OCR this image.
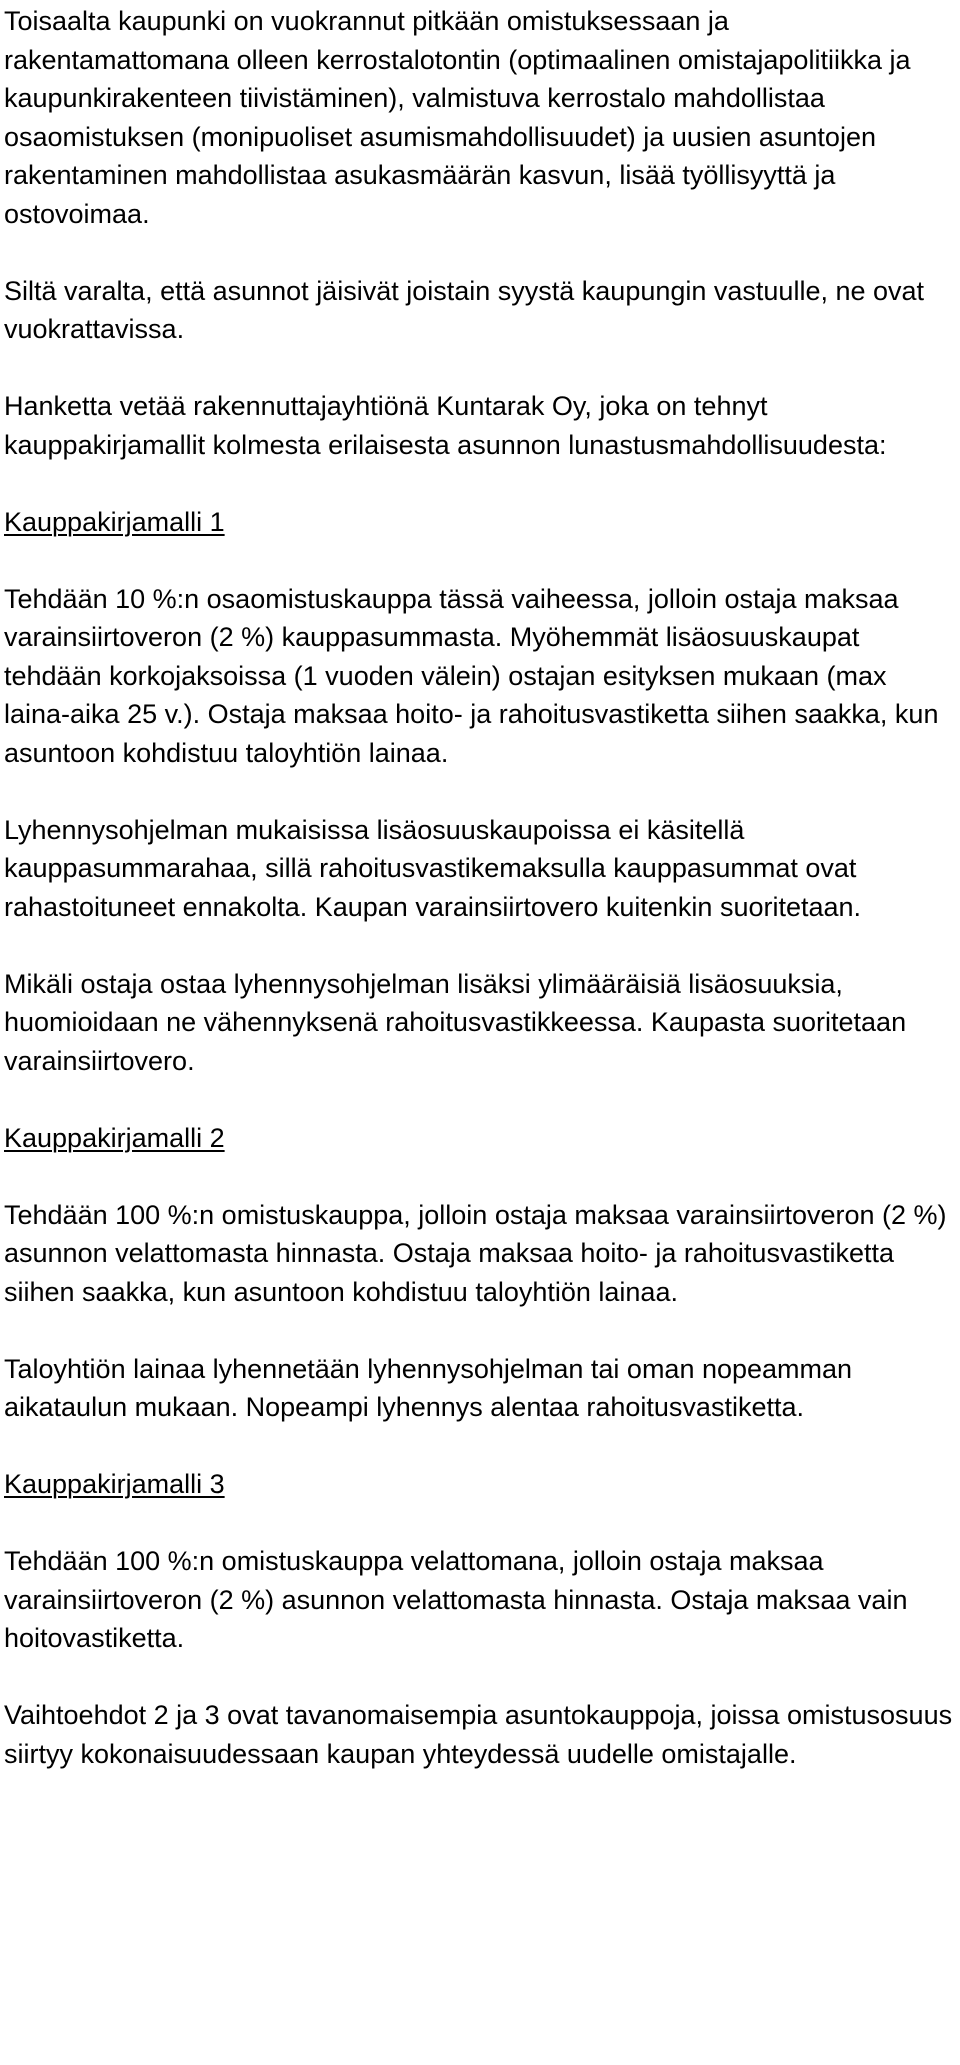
Toisaalta kaupunki on vuokrannut pitkään omistuksessaan ja rakentamattomana olleen kerrostalotontin (optimaalinen omistajapolitiikka ja kaupunkirakenteen tiivistäminen), valmistuva kerrostalo mahdollistaa osaomistuksen (monipuoliset asumismahdollisuudet) ja uusien asuntojen rakentaminen mahdollistaa asukasmäärän kasvun, lisää työllisyyttä ja ostovoimaa.

Siltä varalta, että asunnot jäisivät joistain syystä kaupungin vastuulle, ne ovat vuokrattavissa.

Hanketta vetää rakennuttajayhtiönä Kuntarak Oy, joka on tehnyt kauppakirjamallit kolmesta erilaisesta asunnon lunastusmahdollisuudesta:

Kauppakirjamalli 1

Tehdään 10 %:n osaomistuskauppa tässä vaiheessa, jolloin ostaja maksaa varainsiirtoveron (2 %) kauppasummasta. Myöhemmät lisäosuuskaupat tehdään korkojaksoissa (1 vuoden välein) ostajan esityksen mukaan (max laina-aika 25 v.). Ostaja maksaa hoito- ja rahoitusvastiketta siihen saakka, kun asuntoon kohdistuu taloyhtiön lainaa.

Lyhennysohjelman mukaisissa lisäosuuskaupoissa ei käsitellä kauppasummarahaa, sillä rahoitusvastikemaksulla kauppasummat ovat rahastoituneet ennakolta. Kaupan varainsiirtovero kuitenkin suoritetaan.

Mikäli ostaja ostaa lyhennysohjelman lisäksi ylimääräisiä lisäosuuksia, huomioidaan ne vähennyksenä rahoitusvastikkeessa. Kaupasta suoritetaan varainsiirtovero.

Kauppakirjamalli 2

Tehdään 100 %:n omistuskauppa, jolloin ostaja maksaa varainsiirtoveron (2 %) asunnon velattomasta hinnasta. Ostaja maksaa hoito- ja rahoitusvastiketta siihen saakka, kun asuntoon kohdistuu taloyhtiön lainaa.

Taloyhtiön lainaa lyhennetään lyhennysohjelman tai oman nopeamman aikataulun mukaan. Nopeampi lyhennys alentaa rahoitusvastiketta.

Kauppakirjamalli 3

Tehdään 100 %:n omistuskauppa velattomana, jolloin ostaja maksaa varainsiirtoveron (2 %) asunnon velattomasta hinnasta. Ostaja maksaa vain hoitovastiketta.

Vaihtoehdot 2 ja 3 ovat tavanomaisempia asuntokauppoja, joissa omistusosuus siirtyy kokonaisuudessaan kaupan yhteydessä uudelle omistajalle.
